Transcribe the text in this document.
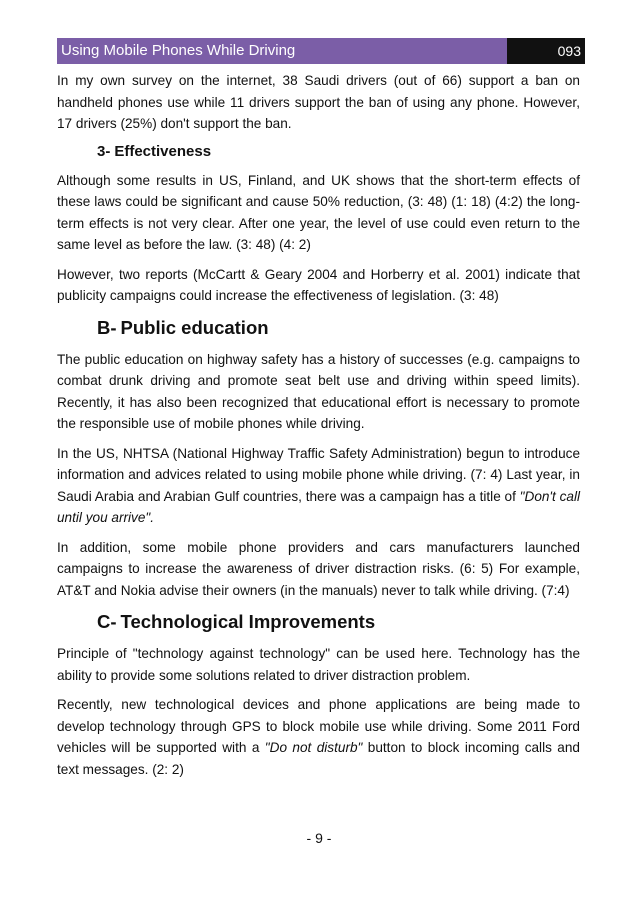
Using Mobile Phones While Driving	093

In my own survey on the internet, 38 Saudi drivers (out of 66) support a ban on handheld phones use while 11 drivers support the ban of using any phone. However, 17 drivers (25%) don't support the ban.

3- Effectiveness

Although some results in US, Finland, and UK shows that the short-term effects of these laws could be significant and cause 50% reduction, (3: 48) (1: 18) (4:2) the long-term effects is not very clear. After one year, the level of use could even return to the same level as before the law. (3: 48) (4: 2)

However, two reports (McCartt & Geary 2004 and Horberry et al. 2001) indicate that publicity campaigns could increase the effectiveness of legislation. (3: 48)

B- Public education

The public education on highway safety has a history of successes (e.g. campaigns to combat drunk driving and promote seat belt use and driving within speed limits). Recently, it has also been recognized that educational effort is necessary to promote the responsible use of mobile phones while driving.

In the US, NHTSA (National Highway Traffic Safety Administration) begun to introduce information and advices related to using mobile phone while driving. (7: 4) Last year, in Saudi Arabia and Arabian Gulf countries, there was a campaign has a title of "Don't call until you arrive".

In addition, some mobile phone providers and cars manufacturers launched campaigns to increase the awareness of driver distraction risks. (6: 5) For example, AT&T and Nokia advise their owners (in the manuals) never to talk while driving. (7:4)

C- Technological Improvements

Principle of "technology against technology" can be used here. Technology has the ability to provide some solutions related to driver distraction problem.

Recently, new technological devices and phone applications are being made to develop technology through GPS to block mobile use while driving. Some 2011 Ford vehicles will be supported with a "Do not disturb" button to block incoming calls and text messages. (2: 2)

- 9 -
